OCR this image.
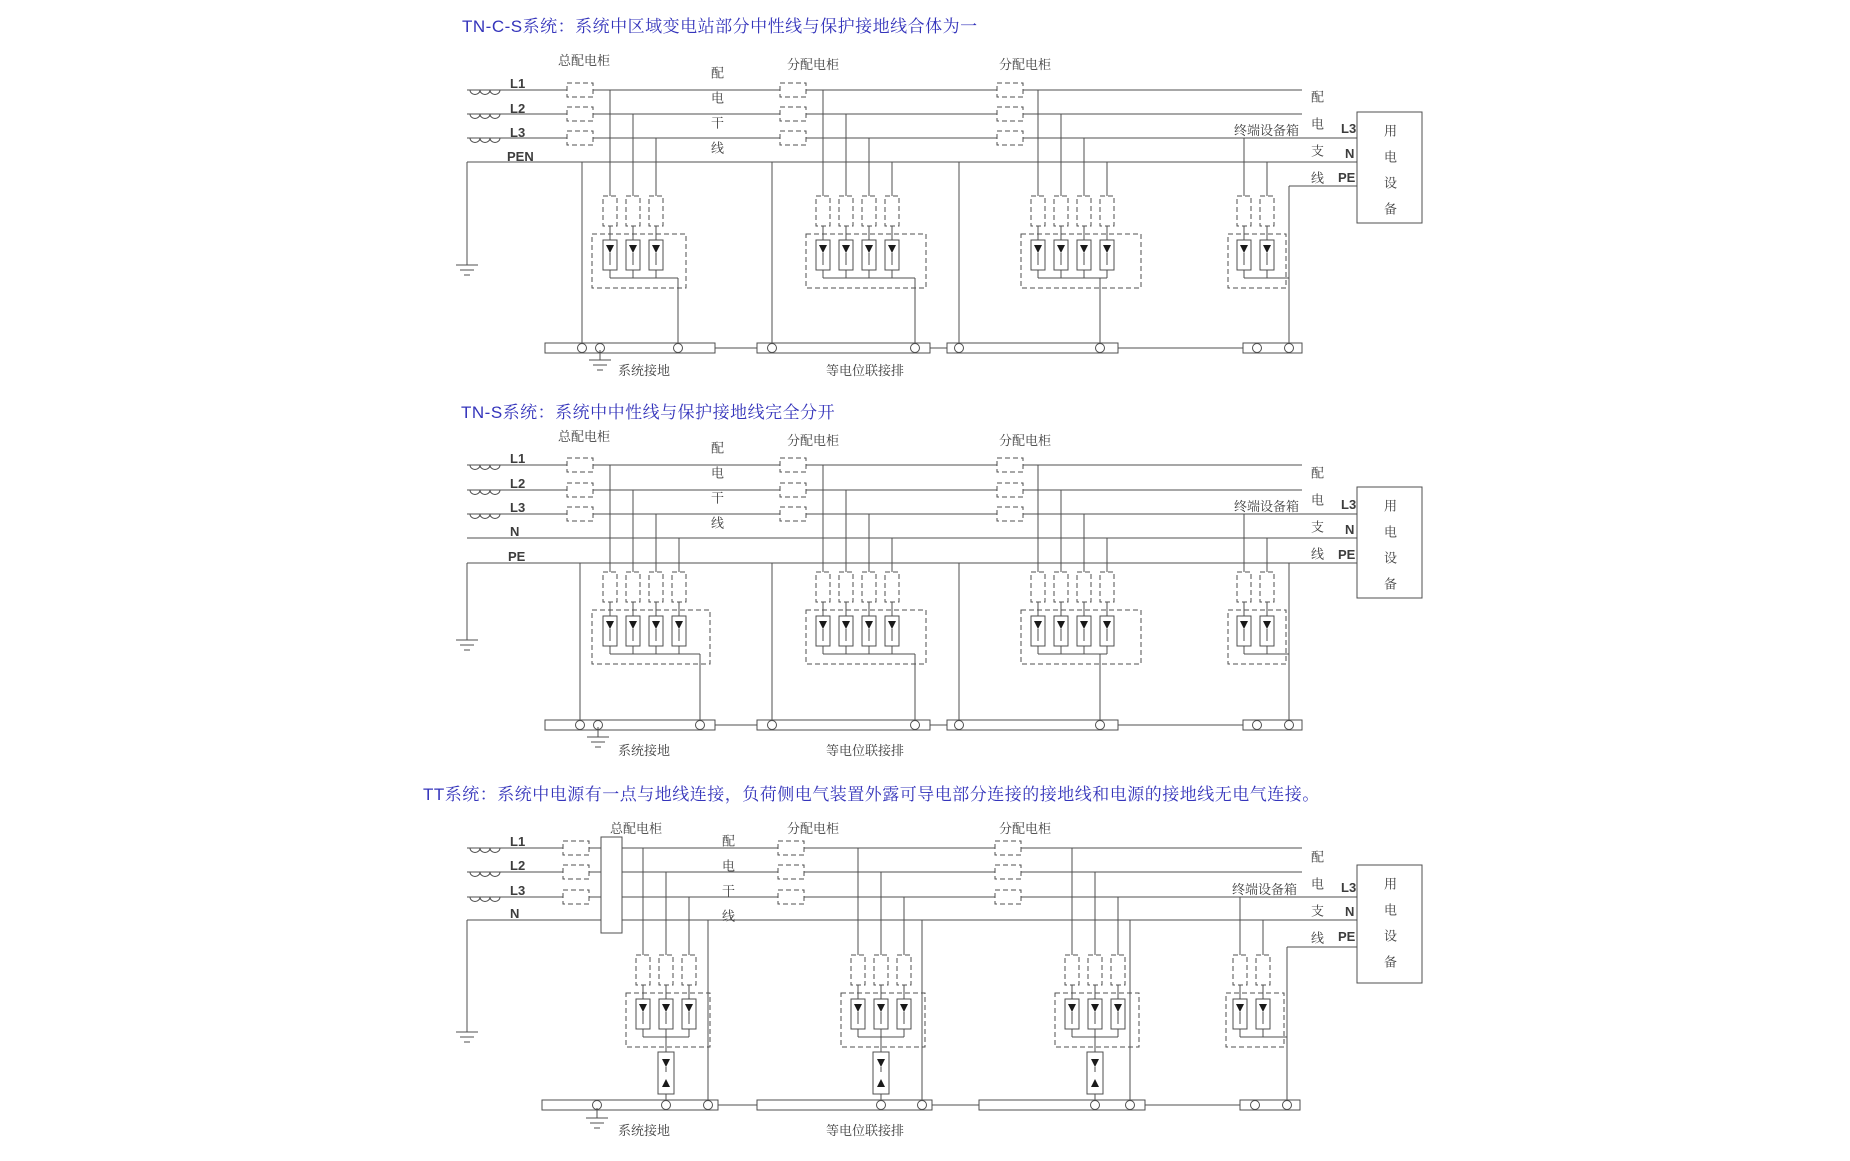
TN-C-S系统：系统中区域变电站部分中性线与保护接地线合体为一
L1
L2
L3
PEN
总配电柜	分配电柜	分配电柜
配电干线	终端设备箱 配电支线 L3
N
PE 用电设备
系统接地	等电位联接排
TN-S系统：系统中中性线与保护接地线完全分开
L1
L2
L3
N
PE
总配电柜	分配电柜	分配电柜
配电干线	终端设备箱 配电支线 L3
N
PE 用电设备
系统接地	等电位联接排
TT系统：系统中电源有一点与地线连接，负荷侧电气装置外露可导电部分连接的接地线和电源的接地线无电气连接。
L1
L2
L3
N
总配电柜	分配电柜	分配电柜
配电干线	终端设备箱 配电支线 L3
N
PE 用电设备
系统接地	等电位联接排
